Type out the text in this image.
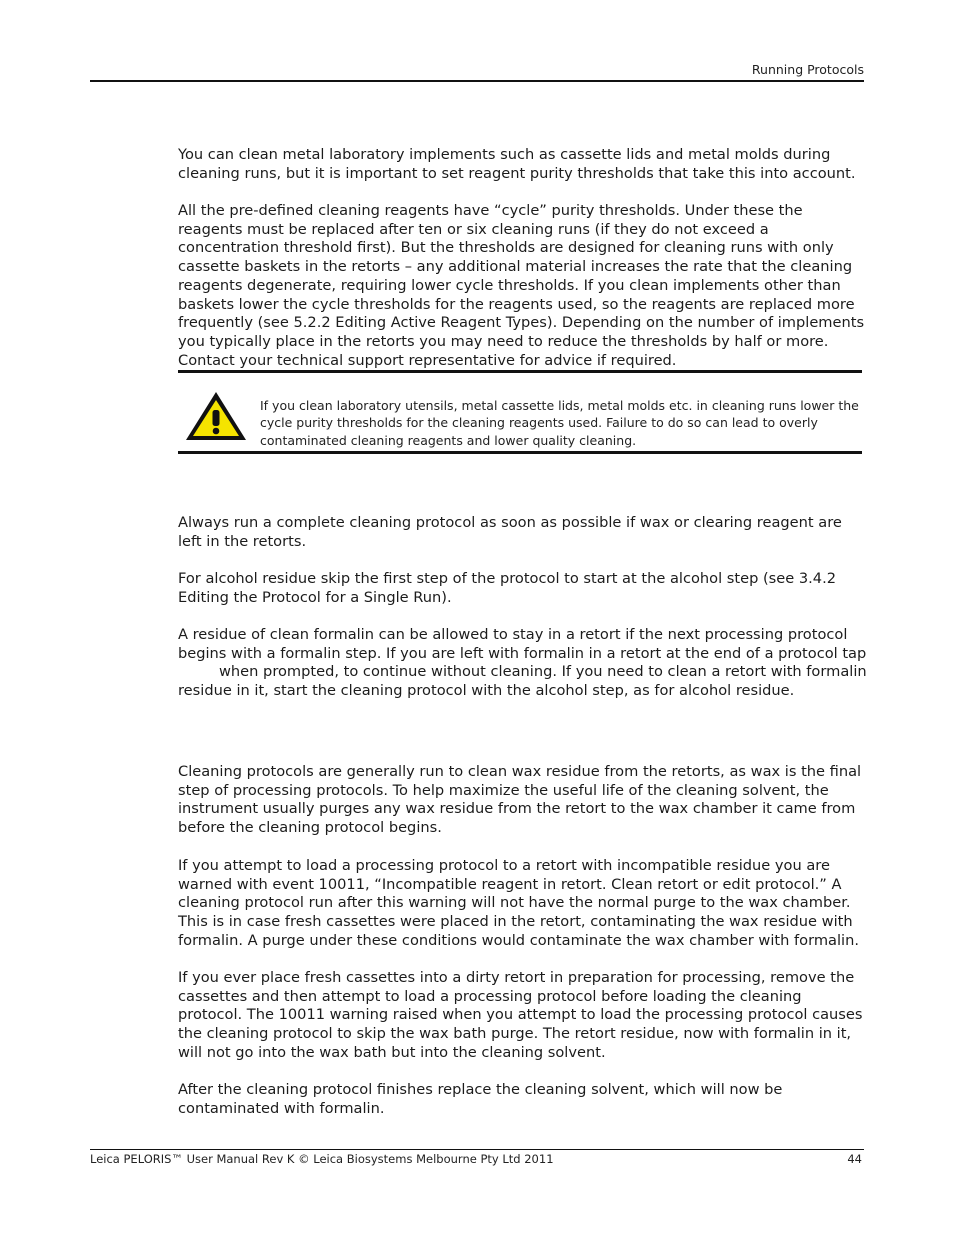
Running Protocols

You can clean metal laboratory implements such as cassette lids and metal molds during cleaning runs, but it is important to set reagent purity thresholds that take this into account.

All the pre-defined cleaning reagents have “cycle” purity thresholds. Under these the reagents must be replaced after ten or six cleaning runs (if they do not exceed a concentration threshold first). But the thresholds are designed for cleaning runs with only cassette baskets in the retorts – any additional material increases the rate that the cleaning reagents degenerate, requiring lower cycle thresholds. If you clean implements other than baskets lower the cycle thresholds for the reagents used, so the reagents are replaced more frequently (see 5.2.2 Editing Active Reagent Types). Depending on the number of implements you typically place in the retorts you may need to reduce the thresholds by half or more. Contact your technical support representative for advice if required.

If you clean laboratory utensils, metal cassette lids, metal molds etc. in cleaning runs lower the cycle purity thresholds for the cleaning reagents used. Failure to do so can lead to overly contaminated cleaning reagents and lower quality cleaning.

Always run a complete cleaning protocol as soon as possible if wax or clearing reagent are left in the retorts.

For alcohol residue skip the first step of the protocol to start at the alcohol step (see 3.4.2 Editing the Protocol for a Single Run).

A residue of clean formalin can be allowed to stay in a retort if the next processing protocol begins with a formalin step. If you are left with formalin in a retort at the end of a protocol tap

when prompted, to continue without cleaning. If you need to clean a retort with formalin

residue in it, start the cleaning protocol with the alcohol step, as for alcohol residue.

Cleaning protocols are generally run to clean wax residue from the retorts, as wax is the final step of processing protocols. To help maximize the useful life of the cleaning solvent, the instrument usually purges any wax residue from the retort to the wax chamber it came from before the cleaning protocol begins.

If you attempt to load a processing protocol to a retort with incompatible residue you are warned with event 10011, “Incompatible reagent in retort. Clean retort or edit protocol.” A cleaning protocol run after this warning will not have the normal purge to the wax chamber. This is in case fresh cassettes were placed in the retort, contaminating the wax residue with formalin. A purge under these conditions would contaminate the wax chamber with formalin.

If you ever place fresh cassettes into a dirty retort in preparation for processing, remove the cassettes and then attempt to load a processing protocol before loading the cleaning protocol. The 10011 warning raised when you attempt to load the processing protocol causes the cleaning protocol to skip the wax bath purge. The retort residue, now with formalin in it, will not go into the wax bath but into the cleaning solvent.

After the cleaning protocol finishes replace the cleaning solvent, which will now be contaminated with formalin.

Leica PELORIS™ User Manual Rev K © Leica Biosystems Melbourne Pty Ltd 2011	44
